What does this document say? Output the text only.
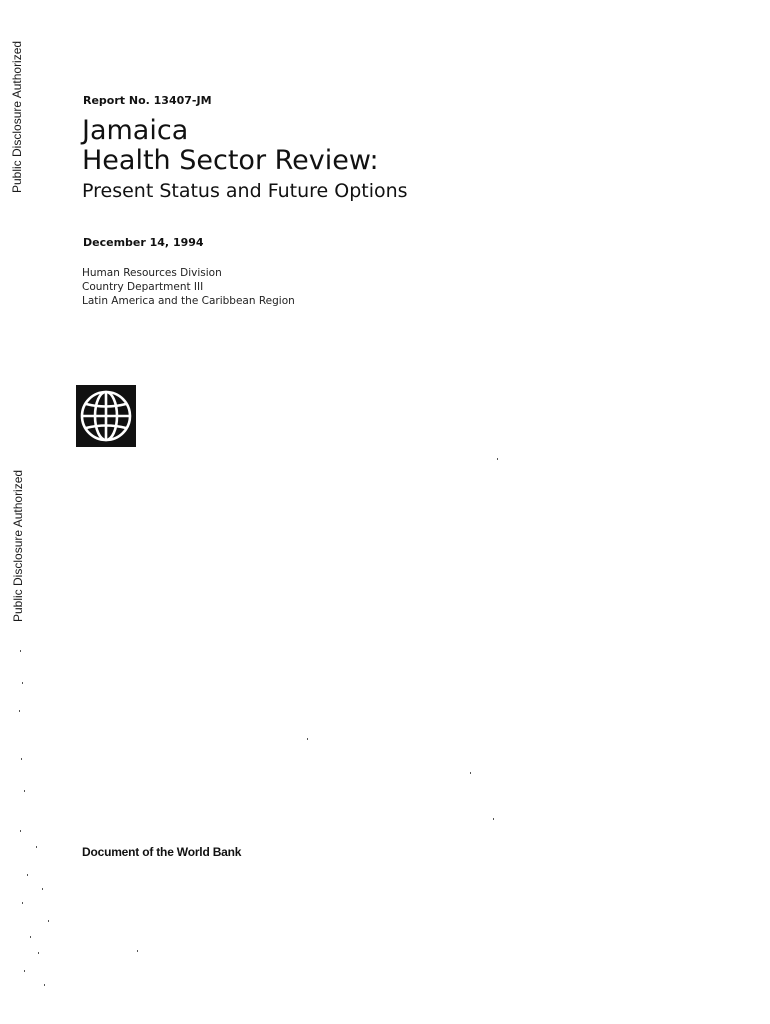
Public Disclosure Authorized
Public Disclosure Authorized
Report No. 13407-JM
Jamaica
Health Sector Review:
Present Status and Future Options
December 14, 1994
Human Resources Division
Country Department III
Latin America and the Caribbean Region
Document of the World Bank
